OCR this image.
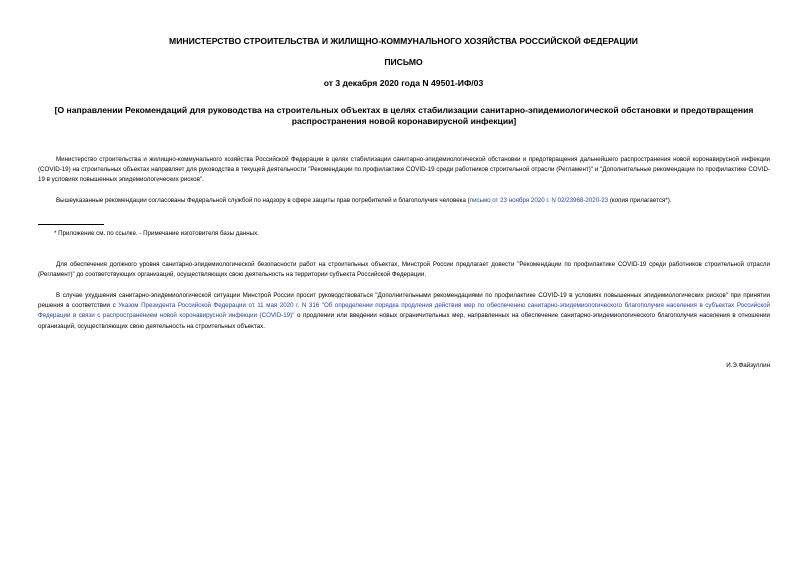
МИНИСТЕРСТВО СТРОИТЕЛЬСТВА И ЖИЛИЩНО-КОММУНАЛЬНОГО ХОЗЯЙСТВА РОССИЙСКОЙ ФЕДЕРАЦИИ
ПИСЬМО
от 3 декабря 2020 года N 49501-ИФ/03
[О направлении Рекомендаций для руководства на строительных объектах в целях стабилизации санитарно-эпидемиологической обстановки и предотвращения распространения новой коронавирусной инфекции]
Министерство строительства и жилищно-коммунального хозяйства Российской Федерации в целях стабилизации санитарно-эпидемиологической обстановки и предотвращения дальнейшего распространения новой коронавирусной инфекции (COVID-19) на строительных объектах направляет для руководства в текущей деятельности "Рекомендации по профилактике COVID-19 среди работников строительной отрасли (Регламент)" и "Дополнительные рекомендации по профилактике COVID-19 в условиях повышенных эпидемиологических рисков".
Вышеуказанные рекомендации согласованы Федеральной службой по надзору в сфере защиты прав потребителей и благополучия человека (письмо от 23 ноября 2020 г. N 02/23968-2020-23 (копия прилагается*).
* Приложение см. по ссылке. - Примечание изготовителя базы данных.
Для обеспечения должного уровня санитарно-эпидемиологической безопасности работ на строительных объектах, Минстрой России предлагает довести "Рекомендации по профилактике COVID-19 среди работников строительной отрасли (Регламент)" до соответствующих организаций, осуществляющих свою деятельность на территории субъекта Российской Федерации.
В случае ухудшения санитарно-эпидемиологической ситуации Минстрой России просит руководствоваться "Дополнительными рекомендациями по профилактике COVID-19 в условиях повышенных эпидемиологических рисков" при принятии решения в соответствии с Указом Президента Российской Федерации от 11 мая 2020 г. N 316 "Об определении порядка продления действия мер по обеспечению санитарно-эпидемиологического благополучия населения в субъектах Российской Федерации в связи с распространением новой коронавирусной инфекции (COVID-19)" о продлении или введении новых ограничительных мер, направленных на обеспечение санитарно-эпидемиологического благополучия населения в отношении организаций, осуществляющих свою деятельность на строительных объектах.
И.Э.Файзуллин
